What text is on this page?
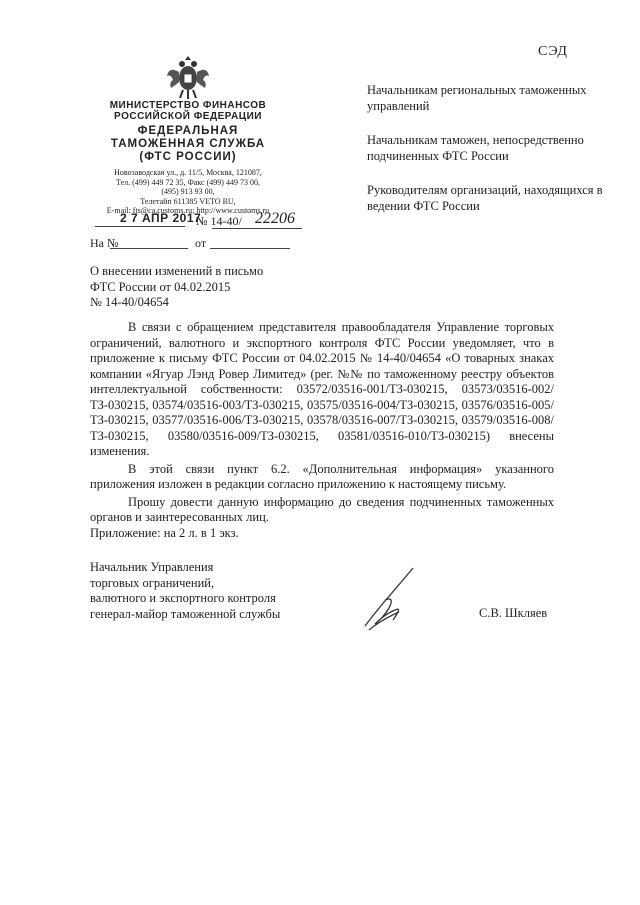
СЭД
МИНИСТЕРСТВО ФИНАНСОВ
РОССИЙСКОЙ ФЕДЕРАЦИИ
ФЕДЕРАЛЬНАЯ
ТАМОЖЕННАЯ СЛУЖБА
(ФТС РОССИИ)
Новозаводская ул., д. 11/5, Москва, 121087,
Тел. (499) 449 72 35, Факс (499) 449 73 00,
(495) 913 93 00,
Телетайп 611385 VETO RU,
E-mail: fts@ca.customs.ru; http://www.customs.ru
2 7 АПР 2017
№ 14-40/ 22206
На №	от
Начальникам региональных таможенных управлений
Начальникам таможен, непосредственно подчиненных ФТС России
Руководителям организаций, находящихся в ведении ФТС России
О внесении изменений в письмо
ФТС России от 04.02.2015
№ 14-40/04654

В связи с обращением представителя правообладателя Управление торговых ограничений, валютного и экспортного контроля ФТС России уведомляет, что в приложение к письму ФТС России от 04.02.2015 № 14-40/04654 «О товарных знаках компании «Ягуар Лэнд Ровер Лимитед» (рег. №№ по таможенному реестру объектов интеллектуальной собственности: 03572/03516-001/ТЗ-030215, 03573/03516-002/ТЗ-030215, 03574/03516-003/ТЗ-030215, 03575/03516-004/ТЗ-030215, 03576/03516-005/ТЗ-030215, 03577/03516-006/ТЗ-030215, 03578/03516-007/ТЗ-030215, 03579/03516-008/ТЗ-030215, 03580/03516-009/ТЗ-030215, 03581/03516-010/ТЗ-030215) внесены изменения.

В этой связи пункт 6.2. «Дополнительная информация» указанного приложения изложен в редакции согласно приложению к настоящему письму.

Прошу довести данную информацию до сведения подчиненных таможенных органов и заинтересованных лиц.

Приложение: на 2 л. в 1 экз.
Начальник Управления
торговых ограничений,
валютного и экспортного контроля
генерал-майор таможенной службы	С.В. Шкляев
